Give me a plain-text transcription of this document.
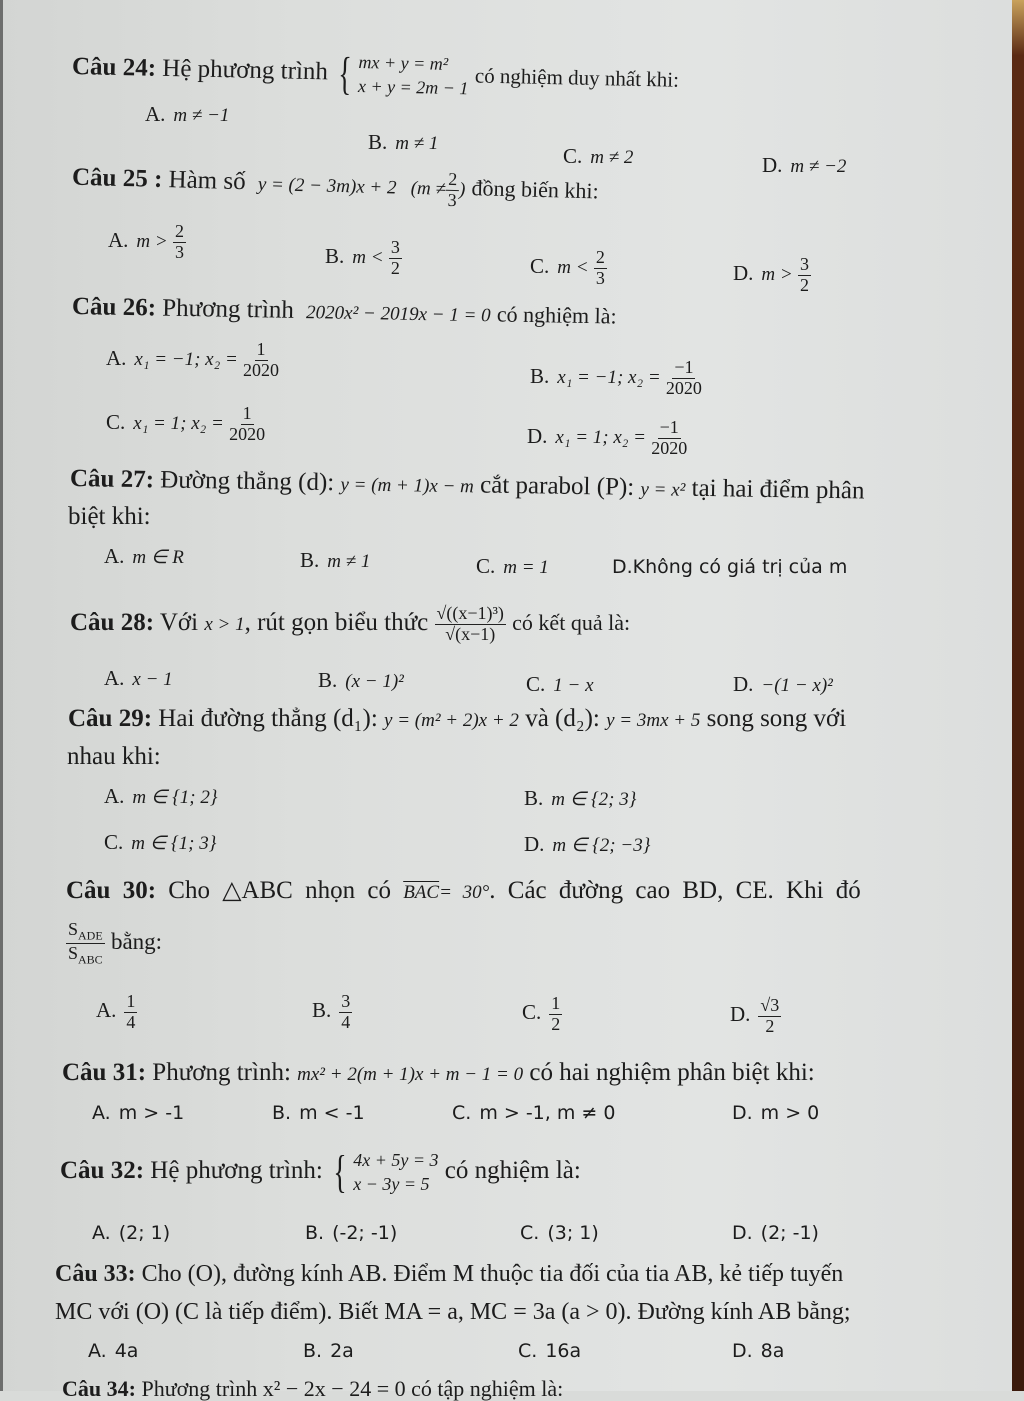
Câu 24: Hệ phương trình { mx + y = m²
x + y = 2m − 1 có nghiệm duy nhất khi:
A. m ≠ −1
B. m ≠ 1
C. m ≠ 2	D. m ≠ −2
Câu 25 : Hàm số y = (2 − 3m)x + 2 ($m \ne \frac{2}{3}$ ) đồng biến khi:
A. $m > \frac{2}{3}$	B. $m < \frac{3}{2}$	C. $m < \frac{2}{3}$	D. $m > \frac{3}{2}$
Câu 26: Phương trình 2020x² − 2019x − 1 = 0 có nghiệm là:
A. x₁ = −1; $x_2 = \frac{1}{2020}$	B. x₁ = −1; $x_2 = \frac{-1}{2020}$
C. x₁ = 1; $x_2 = \frac{1}{2020}$	D. x₁ = 1; $x_2 = \frac{-1}{2020}$
Câu 27: Đường thẳng (d): y = (m + 1)x − m cắt parabol (P): y = x² tại hai điểm phân
biệt khi:
A. m ∈ R	B. m ≠ 1	C. m = 1	D.Không có giá trị của m
Câu 28: Với x > 1, rút gọn biểu thức $\frac{\text{√((x−1)³)}}{√(x-1)}$ có kết quả là:
A. x − 1	B. (x − 1)²	C. 1 − x	D. −(1 − x)²
Câu 29: Hai đường thẳng (d₁): y = (m² + 2)x + 2 và (d₂): y = 3mx + 5 song song với
nhau khi:
A. m ∈ {1; 2}	B. m ∈ {2; 3}
C. m ∈ {1; 3}	D. m ∈ {2; −3}
Câu 30: Cho △ABC nhọn có $\overline{BAC}= 30^\circ$. Các đường cao BD, CE. Khi đó
$\frac{S_{ADE}}{S_{ABC}}$ bằng:
A. $\frac{1}{4}$	B. $\frac{3}{4}$	C. $\frac{1}{2}$	D. $\frac{√3}{2}$
Câu 31: Phương trình: mx² + 2(m + 1)x + m − 1 = 0 có hai nghiệm phân biệt khi:
A. m > -1	B. m < -1	C. m > -1, m ≠ 0	D. m > 0
Câu 32: Hệ phương trình: { 4x + 5y = 3
x − 3y = 5
có nghiệm là:
A. (2; 1)	B. (-2; -1)	C. (3; 1)	D. (2; -1)
Câu 33: Cho (O), đường kính AB. Điểm M thuộc tia đối của tia AB, kẻ tiếp tuyến
MC với (O) (C là tiếp điểm). Biết MA = a, MC = 3a (a > 0). Đường kính AB bằng;
A. 4a	B. 2a	C. 16a	D. 8a
Câu 34: Phương trình x² − 2x − 24 = 0 có tập nghiệm là:
